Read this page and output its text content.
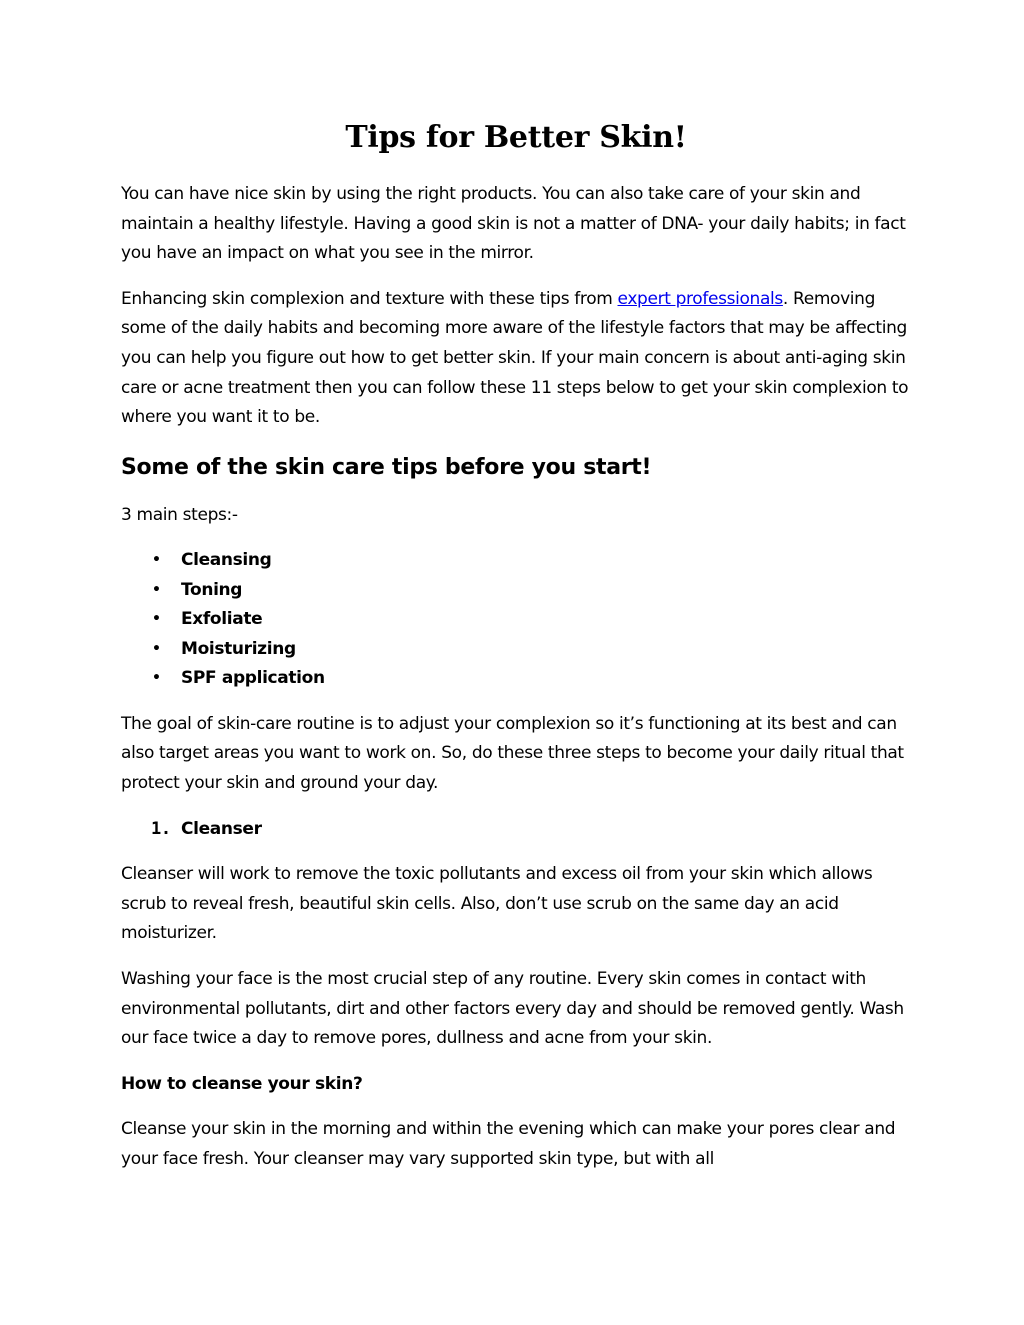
Tips for Better Skin!

You can have nice skin by using the right products. You can also take care of your skin and maintain a healthy lifestyle. Having a good skin is not a matter of DNA- your daily habits; in fact you have an impact on what you see in the mirror.

Enhancing skin complexion and texture with these tips from expert professionals. Removing some of the daily habits and becoming more aware of the lifestyle factors that may be affecting you can help you figure out how to get better skin. If your main concern is about anti-aging skin care or acne treatment then you can follow these 11 steps below to get your skin complexion to where you want it to be.

Some of the skin care tips before you start!

3 main steps:-

• Cleansing
• Toning
• Exfoliate
• Moisturizing
• SPF application

The goal of skin-care routine is to adjust your complexion so it’s functioning at its best and can also target areas you want to work on. So, do these three steps to become your daily ritual that protect your skin and ground your day.

1. Cleanser

Cleanser will work to remove the toxic pollutants and excess oil from your skin which allows scrub to reveal fresh, beautiful skin cells. Also, don’t use scrub on the same day an acid moisturizer.

Washing your face is the most crucial step of any routine. Every skin comes in contact with environmental pollutants, dirt and other factors every day and should be removed gently. Wash our face twice a day to remove pores, dullness and acne from your skin.

How to cleanse your skin?

Cleanse your skin in the morning and within the evening which can make your pores clear and your face fresh. Your cleanser may vary supported skin type, but with all
